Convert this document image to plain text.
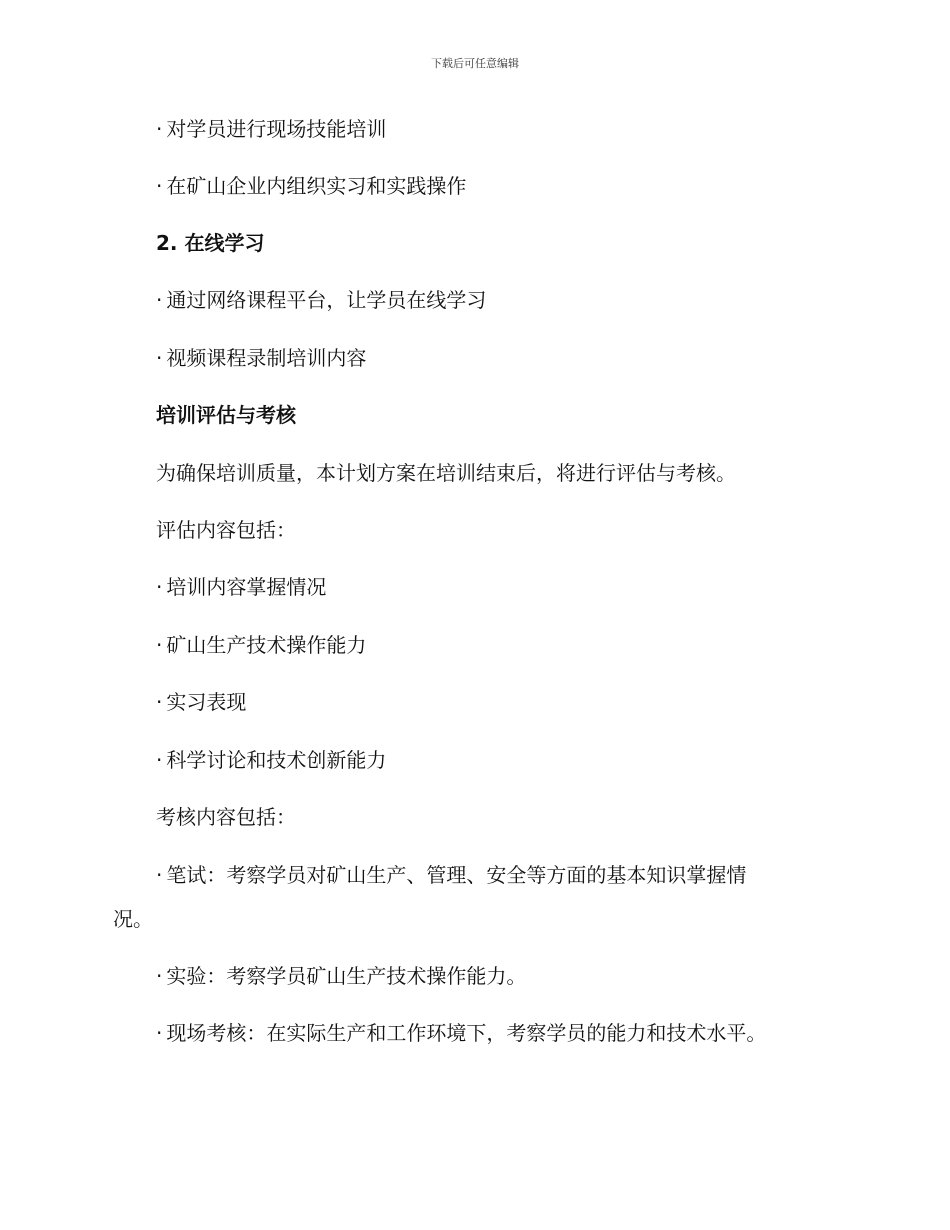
下载后可任意编辑
· 对学员进行现场技能培训
· 在矿山企业内组织实习和实践操作
2. 在线学习
· 通过网络课程平台，让学员在线学习
· 视频课程录制培训内容
培训评估与考核
为确保培训质量，本计划方案在培训结束后，将进行评估与考核。
评估内容包括：
· 培训内容掌握情况
· 矿山生产技术操作能力
· 实习表现
· 科学讨论和技术创新能力
考核内容包括：
· 笔试：考察学员对矿山生产、管理、安全等方面的基本知识掌握情
况。
· 实验：考察学员矿山生产技术操作能力。
· 现场考核：在实际生产和工作环境下，考察学员的能力和技术水平。
